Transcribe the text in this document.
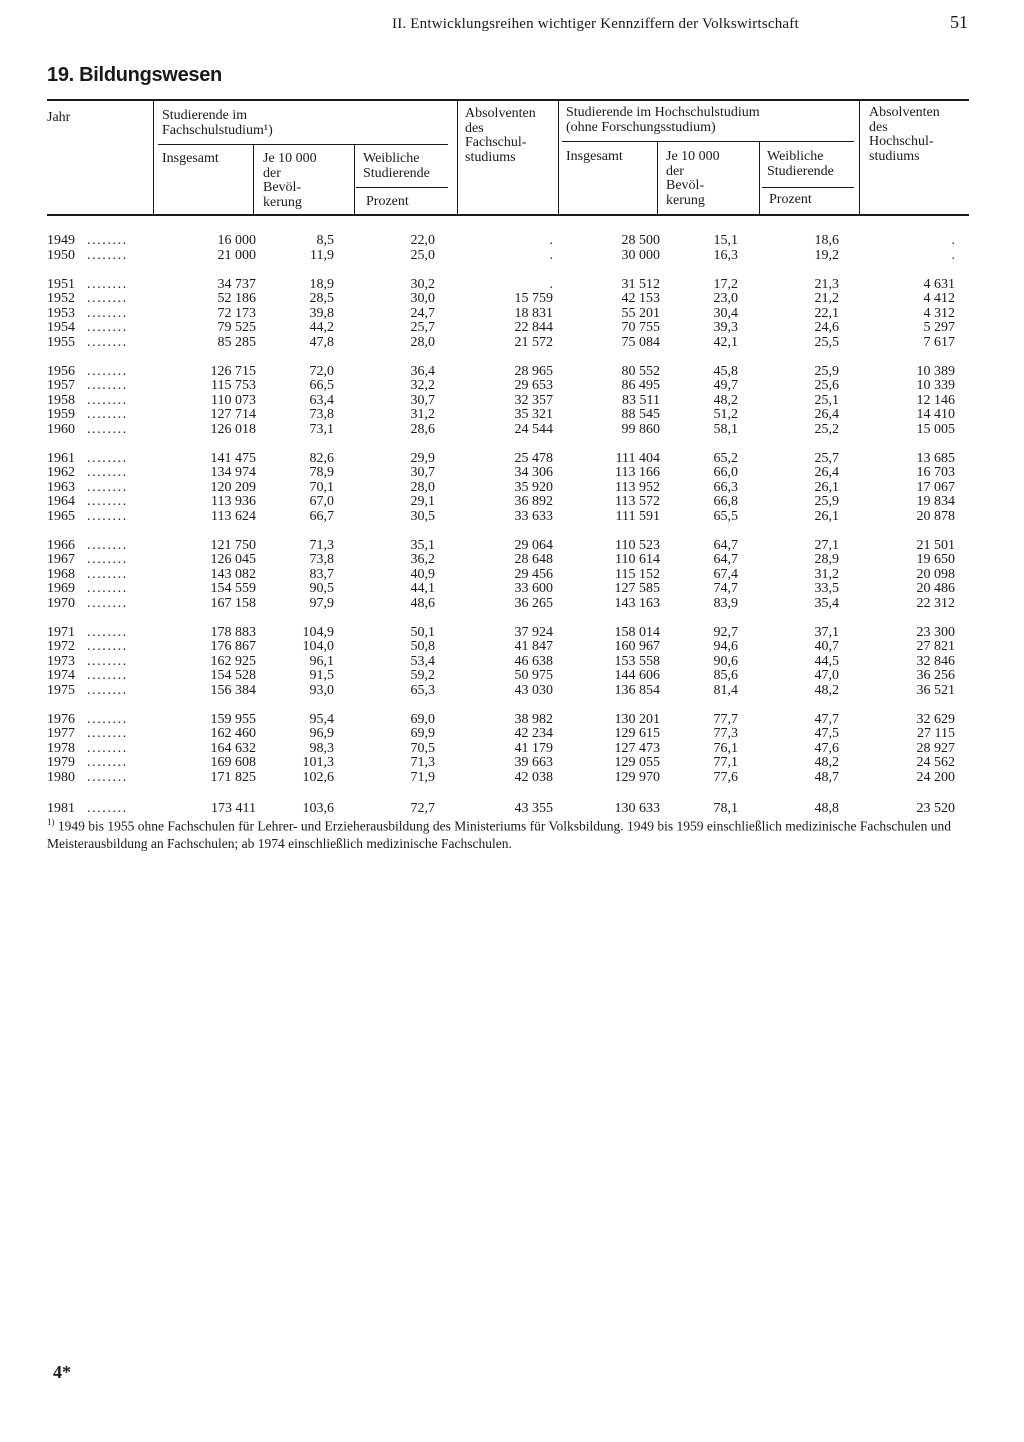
II. Entwicklungsreihen wichtiger Kennziffern der Volkswirtschaft	51
19. Bildungswesen
Jahr	Studierende im
Fachschulstudium¹)
Insgesamt	Je 10 000
der
Bevöl-
kerung
Weibliche
Studierende
Prozent
Absolventen
des
Fachschul-
studiums
Studierende im Hochschulstudium
(ohne Forschungsstudium)
Insgesamt	Je 10 000
der
Bevöl-
kerung
Weibliche
Studierende
Prozent
Absolventen
des
Hochschul-
studiums
1949 ........	16 000	8,5	22,0	.	28 500	15,1	18,6	.
1950 ........	21 000	11,9	25,0	.	30 000	16,3	19,2	.
1951 ........	34 737	18,9	30,2	.	31 512	17,2	21,3	4 631
1952 ........	52 186	28,5	30,0	15 759	42 153	23,0	21,2	4 412
1953 ........	72 173	39,8	24,7	18 831	55 201	30,4	22,1	4 312
1954 ........	79 525	44,2	25,7	22 844	70 755	39,3	24,6	5 297
1955 ........	85 285	47,8	28,0	21 572	75 084	42,1	25,5	7 617
1956 ........	126 715	72,0	36,4	28 965	80 552	45,8	25,9	10 389
1957 ........	115 753	66,5	32,2	29 653	86 495	49,7	25,6	10 339
1958 ........	110 073	63,4	30,7	32 357	83 511	48,2	25,1	12 146
1959 ........	127 714	73,8	31,2	35 321	88 545	51,2	26,4	14 410
1960 ........	126 018	73,1	28,6	24 544	99 860	58,1	25,2	15 005
1961 ........	141 475	82,6	29,9	25 478	111 404	65,2	25,7	13 685
1962 ........	134 974	78,9	30,7	34 306	113 166	66,0	26,4	16 703
1963 ........	120 209	70,1	28,0	35 920	113 952	66,3	26,1	17 067
1964 ........	113 936	67,0	29,1	36 892	113 572	66,8	25,9	19 834
1965 ........	113 624	66,7	30,5	33 633	111 591	65,5	26,1	20 878
1966 ........	121 750	71,3	35,1	29 064	110 523	64,7	27,1	21 501
1967 ........	126 045	73,8	36,2	28 648	110 614	64,7	28,9	19 650
1968 ........	143 082	83,7	40,9	29 456	115 152	67,4	31,2	20 098
1969 ........	154 559	90,5	44,1	33 600	127 585	74,7	33,5	20 486
1970 ........	167 158	97,9	48,6	36 265	143 163	83,9	35,4	22 312
1971 ........	178 883	104,9	50,1	37 924	158 014	92,7	37,1	23 300
1972 ........	176 867	104,0	50,8	41 847	160 967	94,6	40,7	27 821
1973 ........	162 925	96,1	53,4	46 638	153 558	90,6	44,5	32 846
1974 ........	154 528	91,5	59,2	50 975	144 606	85,6	47,0	36 256
1975 ........	156 384	93,0	65,3	43 030	136 854	81,4	48,2	36 521
1976 ........	159 955	95,4	69,0	38 982	130 201	77,7	47,7	32 629
1977 ........	162 460	96,9	69,9	42 234	129 615	77,3	47,5	27 115
1978 ........	164 632	98,3	70,5	41 179	127 473	76,1	47,6	28 927
1979 ........	169 608	101,3	71,3	39 663	129 055	77,1	48,2	24 562
1980 ........	171 825	102,6	71,9	42 038	129 970	77,6	48,7	24 200
1981 ........	173 411	103,6	72,7	43 355	130 633	78,1	48,8	23 520
$^{1)}$ 1949 bis 1955 ohne Fachschulen für Lehrer- und Erzieherausbildung des Ministeriums für Volksbildung. 1949 bis 1959 einschließlich medizinische Fachschulen und Meisterausbildung an Fachschulen; ab 1974 einschließlich medizinische Fachschulen.
4*
